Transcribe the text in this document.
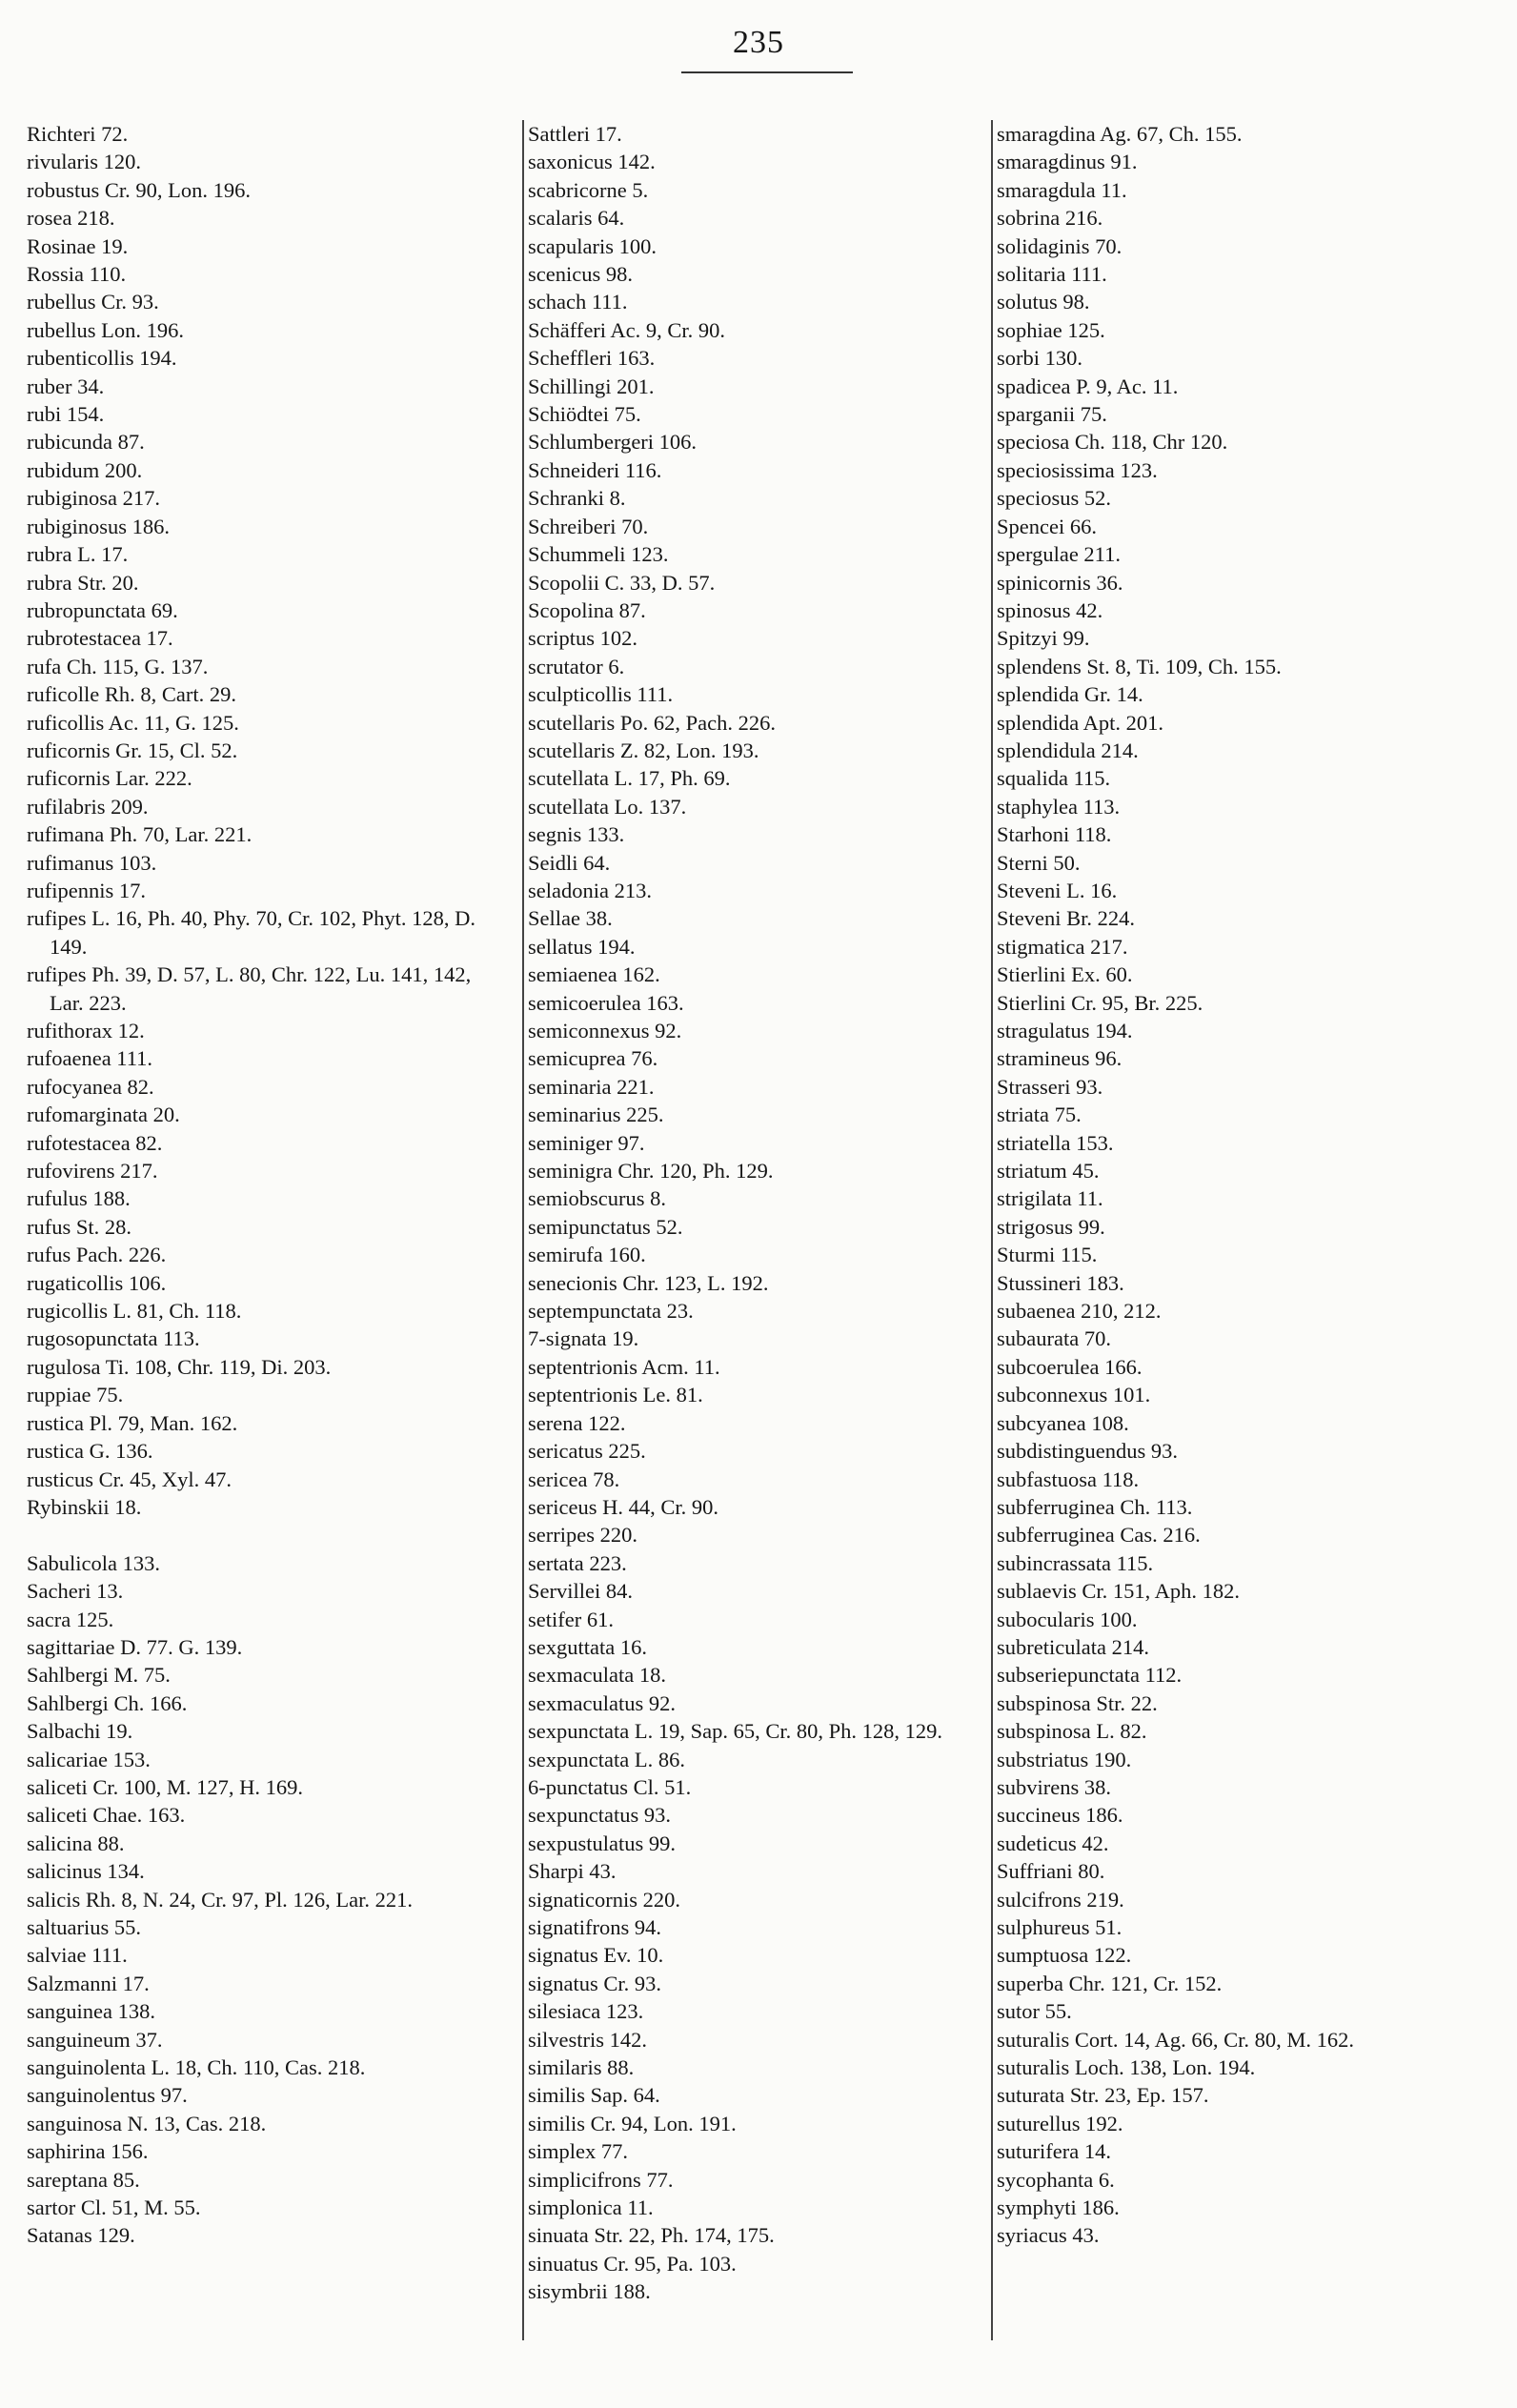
235
Richteri 72.
rivularis 120.
robustus Cr. 90, Lon. 196.
rosea 218.
Rosinae 19.
Rossia 110.
rubellus Cr. 93.
rubellus Lon. 196.
rubenticollis 194.
ruber 34.
rubi 154.
rubicunda 87.
rubidum 200.
rubiginosa 217.
rubiginosus 186.
rubra L. 17.
rubra Str. 20.
rubropunctata 69.
rubrotestacea 17.
rufa Ch. 115, G. 137.
ruficolle Rh. 8, Cart. 29.
ruficollis Ac. 11, G. 125.
ruficornis Gr. 15, Cl. 52.
ruficornis Lar. 222.
rufilabris 209.
rufimana Ph. 70, Lar. 221.
rufimanus 103.
rufipennis 17.
rufipes L. 16, Ph. 40, Phy. 70, Cr. 102, Phyt. 128, D. 149.
rufipes Ph. 39, D. 57, L. 80, Chr. 122, Lu. 141, 142, Lar. 223.
rufithorax 12.
rufoaenea 111.
rufocyanea 82.
rufomarginata 20.
rufotestacea 82.
rufovirens 217.
rufulus 188.
rufus St. 28.
rufus Pach. 226.
rugaticollis 106.
rugicollis L. 81, Ch. 118.
rugosopunctata 113.
rugulosa Ti. 108, Chr. 119, Di. 203.
ruppiae 75.
rustica Pl. 79, Man. 162.
rustica G. 136.
rusticus Cr. 45, Xyl. 47.
Rybinskii 18.
Sabulicola 133.
Sacheri 13.
sacra 125.
sagittariae D. 77. G. 139.
Sahlbergi M. 75.
Sahlbergi Ch. 166.
Salbachi 19.
salicariae 153.
saliceti Cr. 100, M. 127, H. 169.
saliceti Chae. 163.
salicina 88.
salicinus 134.
salicis Rh. 8, N. 24, Cr. 97, Pl. 126, Lar. 221.
saltuarius 55.
salviae 111.
Salzmanni 17.
sanguinea 138.
sanguineum 37.
sanguinolenta L. 18, Ch. 110, Cas. 218.
sanguinolentus 97.
sanguinosa N. 13, Cas. 218.
saphirina 156.
sareptana 85.
sartor Cl. 51, M. 55.
Satanas 129.
Sattleri 17.
saxonicus 142.
scabricorne 5.
scalaris 64.
scapularis 100.
scenicus 98.
schach 111.
Schäfferi Ac. 9, Cr. 90.
Scheffleri 163.
Schillingi 201.
Schiödtei 75.
Schlumbergeri 106.
Schneideri 116.
Schranki 8.
Schreiberi 70.
Schummeli 123.
Scopolii C. 33, D. 57.
Scopolina 87.
scriptus 102.
scrutator 6.
sculpticollis 111.
scutellaris Po. 62, Pach. 226.
scutellaris Z. 82, Lon. 193.
scutellata L. 17, Ph. 69.
scutellata Lo. 137.
segnis 133.
Seidli 64.
seladonia 213.
Sellae 38.
sellatus 194.
semiaenea 162.
semicoerulea 163.
semiconnexus 92.
semicuprea 76.
seminaria 221.
seminarius 225.
seminiger 97.
seminigra Chr. 120, Ph. 129.
semiobscurus 8.
semipunctatus 52.
semirufa 160.
senecionis Chr. 123, L. 192.
septempunctata 23.
7-signata 19.
septentrionis Acm. 11.
septentrionis Le. 81.
serena 122.
sericatus 225.
sericea 78.
sericeus H. 44, Cr. 90.
serripes 220.
sertata 223.
Servillei 84.
setifer 61.
sexguttata 16.
sexmaculata 18.
sexmaculatus 92.
sexpunctata L. 19, Sap. 65, Cr. 80, Ph. 128, 129.
sexpunctata L. 86.
6-punctatus Cl. 51.
sexpunctatus 93.
sexpustulatus 99.
Sharpi 43.
signaticornis 220.
signatifrons 94.
signatus Ev. 10.
signatus Cr. 93.
silesiaca 123.
silvestris 142.
similaris 88.
similis Sap. 64.
similis Cr. 94, Lon. 191.
simplex 77.
simplicifrons 77.
simplonica 11.
sinuata Str. 22, Ph. 174, 175.
sinuatus Cr. 95, Pa. 103.
sisymbrii 188.
smaragdina Ag. 67, Ch. 155.
smaragdinus 91.
smaragdula 11.
sobrina 216.
solidaginis 70.
solitaria 111.
solutus 98.
sophiae 125.
sorbi 130.
spadicea P. 9, Ac. 11.
sparganii 75.
speciosa Ch. 118, Chr 120.
speciosissima 123.
speciosus 52.
Spencei 66.
spergulae 211.
spinicornis 36.
spinosus 42.
Spitzyi 99.
splendens St. 8, Ti. 109, Ch. 155.
splendida Gr. 14.
splendida Apt. 201.
splendidula 214.
squalida 115.
staphylea 113.
Starhoni 118.
Sterni 50.
Steveni L. 16.
Steveni Br. 224.
stigmatica 217.
Stierlini Ex. 60.
Stierlini Cr. 95, Br. 225.
stragulatus 194.
stramineus 96.
Strasseri 93.
striata 75.
striatella 153.
striatum 45.
strigilata 11.
strigosus 99.
Sturmi 115.
Stussineri 183.
subaenea 210, 212.
subaurata 70.
subcoerulea 166.
subconnexus 101.
subcyanea 108.
subdistinguendus 93.
subfastuosa 118.
subferruginea Ch. 113.
subferruginea Cas. 216.
subincrassata 115.
sublaevis Cr. 151, Aph. 182.
subocularis 100.
subreticulata 214.
subseriepunctata 112.
subspinosa Str. 22.
subspinosa L. 82.
substriatus 190.
subvirens 38.
succineus 186.
sudeticus 42.
Suffriani 80.
sulcifrons 219.
sulphureus 51.
sumptuosa 122.
superba Chr. 121, Cr. 152.
sutor 55.
suturalis Cort. 14, Ag. 66, Cr. 80, M. 162.
suturalis Loch. 138, Lon. 194.
suturata Str. 23, Ep. 157.
suturellus 192.
suturifera 14.
sycophanta 6.
symphyti 186.
syriacus 43.
